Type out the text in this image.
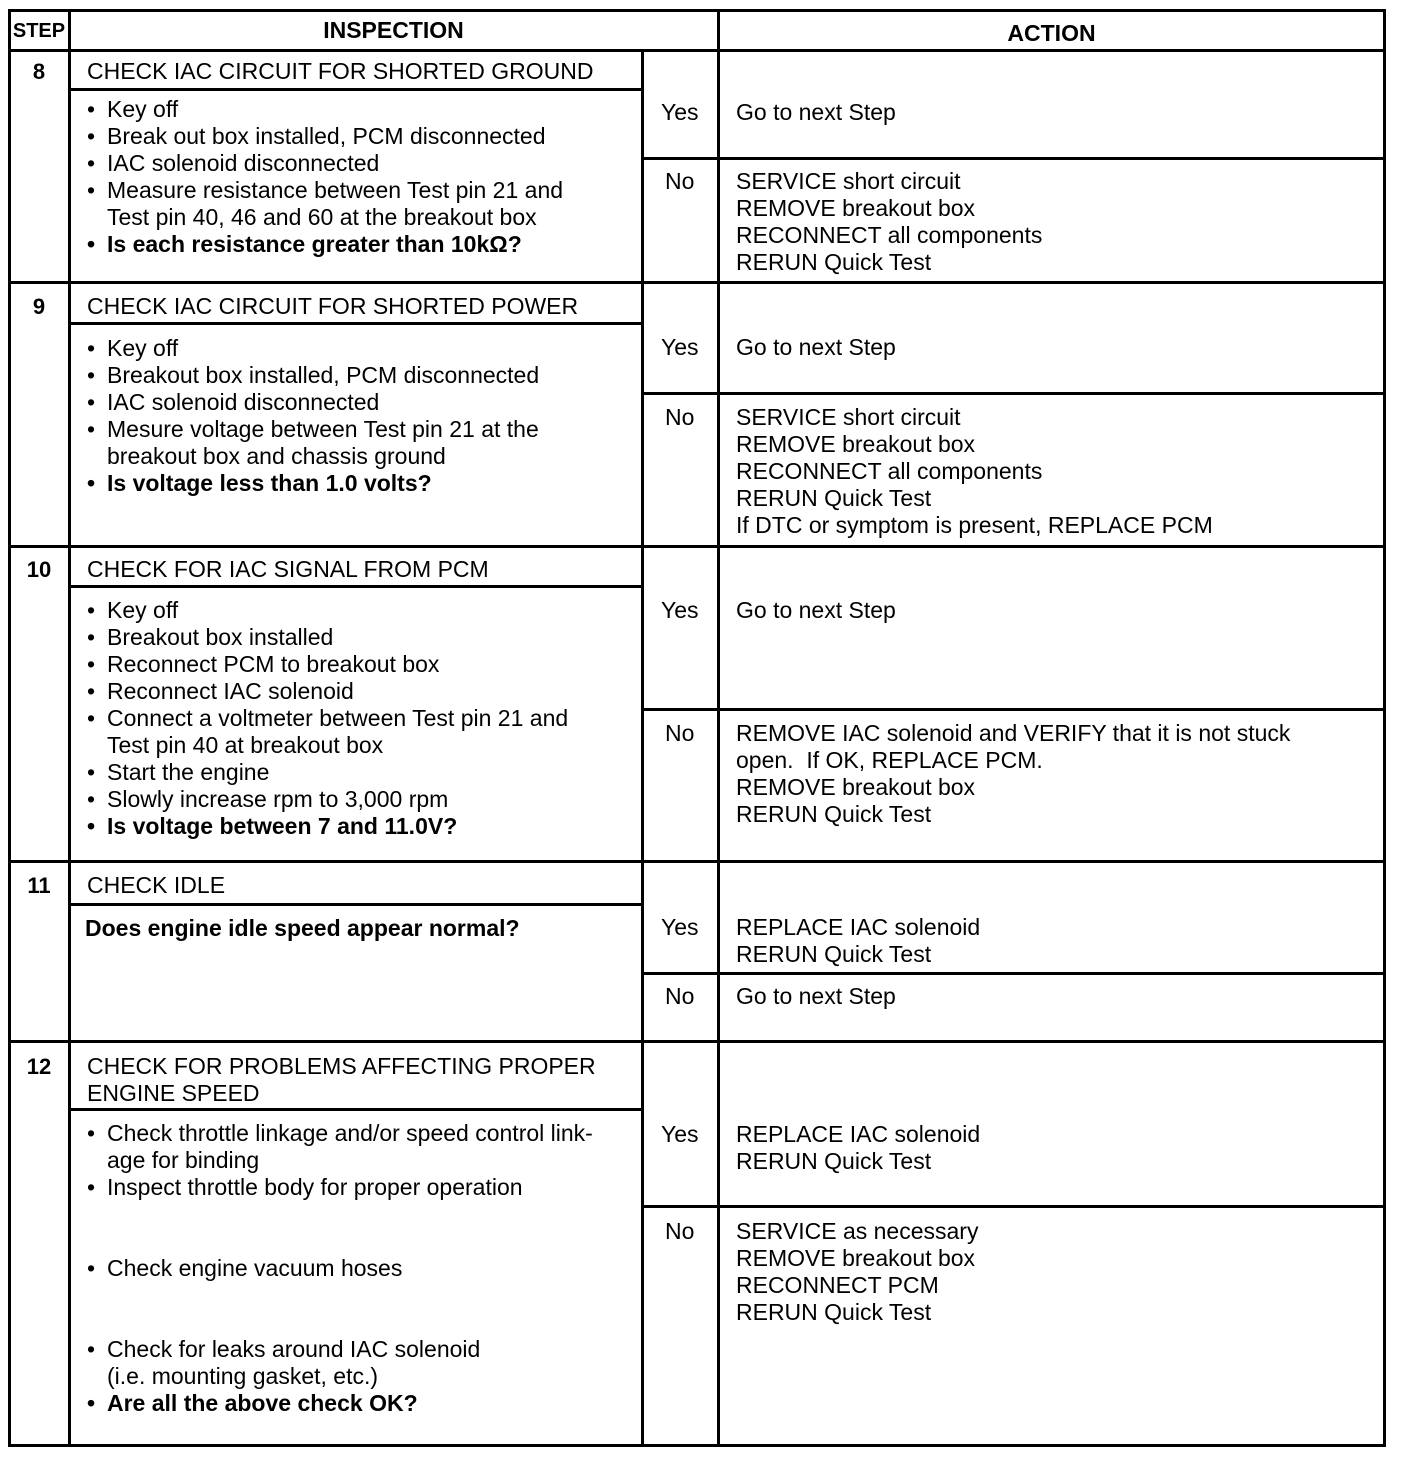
STEP	INSPECTION	ACTION
8	CHECK IAC CIRCUIT FOR SHORTED GROUND
• Key off
• Break out box installed, PCM disconnected
• IAC solenoid disconnected
• Measure resistance between Test pin 21 and
Test pin 40, 46 and 60 at the breakout box
• Is each resistance greater than 10kΩ?
Yes Go to next Step
No SERVICE short circuit
REMOVE breakout box
RECONNECT all components
RERUN Quick Test
9	CHECK IAC CIRCUIT FOR SHORTED POWER
• Key off
• Breakout box installed, PCM disconnected
• IAC solenoid disconnected
• Mesure voltage between Test pin 21 at the
breakout box and chassis ground
• Is voltage less than 1.0 volts?
Yes Go to next Step
No SERVICE short circuit
REMOVE breakout box
RECONNECT all components
RERUN Quick Test
If DTC or symptom is present, REPLACE PCM
10	CHECK FOR IAC SIGNAL FROM PCM
• Key off
• Breakout box installed
• Reconnect PCM to breakout box
• Reconnect IAC solenoid
• Connect a voltmeter between Test pin 21 and
Test pin 40 at breakout box
• Start the engine
• Slowly increase rpm to 3,000 rpm
• Is voltage between 7 and 11.0V?
Yes Go to next Step
No REMOVE IAC solenoid and VERIFY that it is not stuck
open.  If OK, REPLACE PCM.
REMOVE breakout box
RERUN Quick Test
11	CHECK IDLE
Does engine idle speed appear normal?	Yes REPLACE IAC solenoid
RERUN Quick Test
No Go to next Step
12	CHECK FOR PROBLEMS AFFECTING PROPER
ENGINE SPEED
• Check throttle linkage and/or speed control link-
age for binding
• Inspect throttle body for proper operation
• Check engine vacuum hoses
• Check for leaks around IAC solenoid
(i.e. mounting gasket, etc.)
• Are all the above check OK?
Yes REPLACE IAC solenoid
RERUN Quick Test
No SERVICE as necessary
REMOVE breakout box
RECONNECT PCM
RERUN Quick Test
